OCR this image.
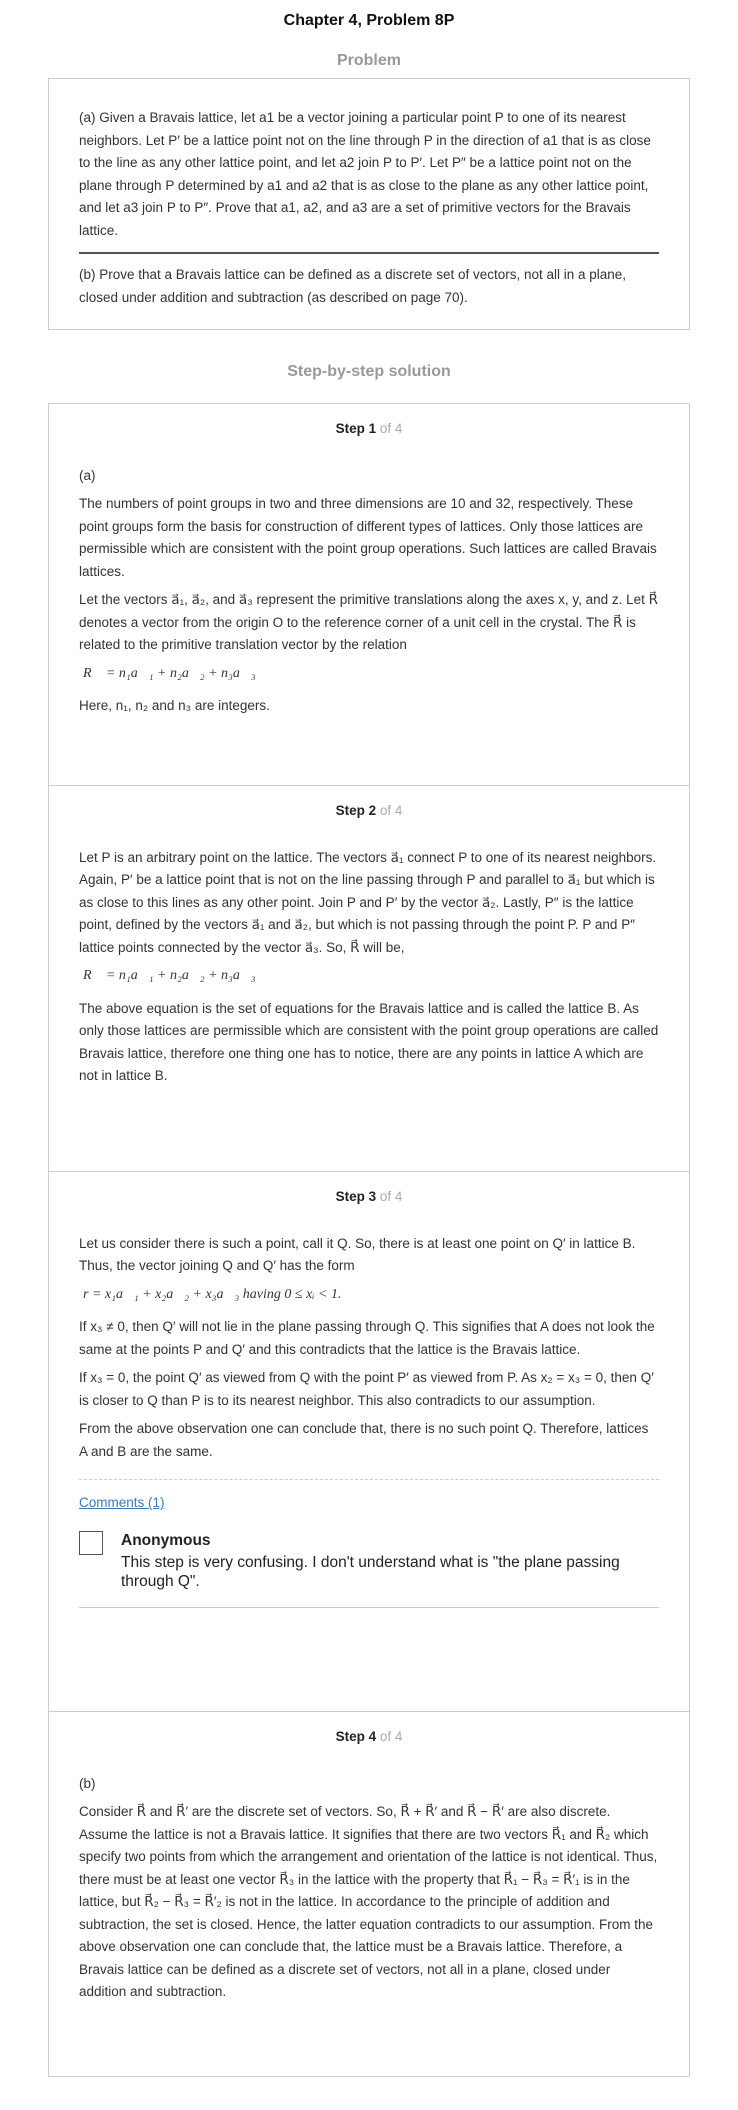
Chapter 4, Problem 8P
Problem

(a) Given a Bravais lattice, let a1 be a vector joining a particular point P to one of its nearest neighbors. Let P′ be a lattice point not on the line through P in the direction of a1 that is as close to the line as any other lattice point, and let a2 join P to P′. Let P″ be a lattice point not on the plane through P determined by a1 and a2 that is as close to the plane as any other lattice point, and let a3 join P to P″. Prove that a1, a2, and a3 are a set of primitive vectors for the Bravais lattice.

(b) Prove that a Bravais lattice can be defined as a discrete set of vectors, not all in a plane, closed under addition and subtraction (as described on page 70).

Step-by-step solution
Step 1 of 4

(a)

The numbers of point groups in two and three dimensions are 10 and 32, respectively. These point groups form the basis for construction of different types of lattices. Only those lattices are permissible which are consistent with the point group operations. Such lattices are called Bravais lattices.

Let the vectors a⃗₁, a⃗₂, and a⃗₃ represent the primitive translations along the axes x, y, and z. Let R⃗ denotes a vector from the origin O to the reference corner of a unit cell in the crystal. The R⃗ is related to the primitive translation vector by the relation

R⃗ = n₁a⃗₁ + n₂a⃗₂ + n₃a⃗₃

Here, n₁, n₂ and n₃ are integers.

Step 2 of 4

Let P is an arbitrary point on the lattice. The vectors a⃗₁ connect P to one of its nearest neighbors. Again, P′ be a lattice point that is not on the line passing through P and parallel to a⃗₁ but which is as close to this lines as any other point. Join P and P′ by the vector a⃗₂. Lastly, P″ is the lattice point, defined by the vectors a⃗₁ and a⃗₂, but which is not passing through the point P. P and P″ lattice points connected by the vector a⃗₃. So, R⃗ will be,

R⃗ = n₁a⃗₁ + n₂a⃗₂ + n₃a⃗₃

The above equation is the set of equations for the Bravais lattice and is called the lattice B. As only those lattices are permissible which are consistent with the point group operations are called Bravais lattice, therefore one thing one has to notice, there are any points in lattice A which are not in lattice B.

Step 3 of 4

Let us consider there is such a point, call it Q. So, there is at least one point on Q′ in lattice B. Thus, the vector joining Q and Q′ has the form

r = x₁a⃗₁ + x₂a⃗₂ + x₃a⃗₃ having 0 ≤ xᵢ < 1.

If x₃ ≠ 0, then Q′ will not lie in the plane passing through Q. This signifies that A does not look the same at the points P and Q′ and this contradicts that the lattice is the Bravais lattice.

If x₃ = 0, the point Q′ as viewed from Q with the point P′ as viewed from P. As x₂ = x₃ = 0, then Q′ is closer to Q than P is to its nearest neighbor. This also contradicts to our assumption.

From the above observation one can conclude that, there is no such point Q. Therefore, lattices A and B are the same.

Comments (1)
Anonymous
This step is very confusing. I don't understand what is "the plane passing through Q".
Step 4 of 4

(b)

Consider R⃗ and R⃗′ are the discrete set of vectors. So, R⃗ + R⃗′ and R⃗ − R⃗′ are also discrete. Assume the lattice is not a Bravais lattice. It signifies that there are two vectors R⃗₁ and R⃗₂ which specify two points from which the arrangement and orientation of the lattice is not identical. Thus, there must be at least one vector R⃗₃ in the lattice with the property that R⃗₁ − R⃗₃ = R⃗′₁ is in the lattice, but R⃗₂ − R⃗₃ = R⃗′₂ is not in the lattice. In accordance to the principle of addition and subtraction, the set is closed. Hence, the latter equation contradicts to our assumption. From the above observation one can conclude that, the lattice must be a Bravais lattice. Therefore, a Bravais lattice can be defined as a discrete set of vectors, not all in a plane, closed under addition and subtraction.
